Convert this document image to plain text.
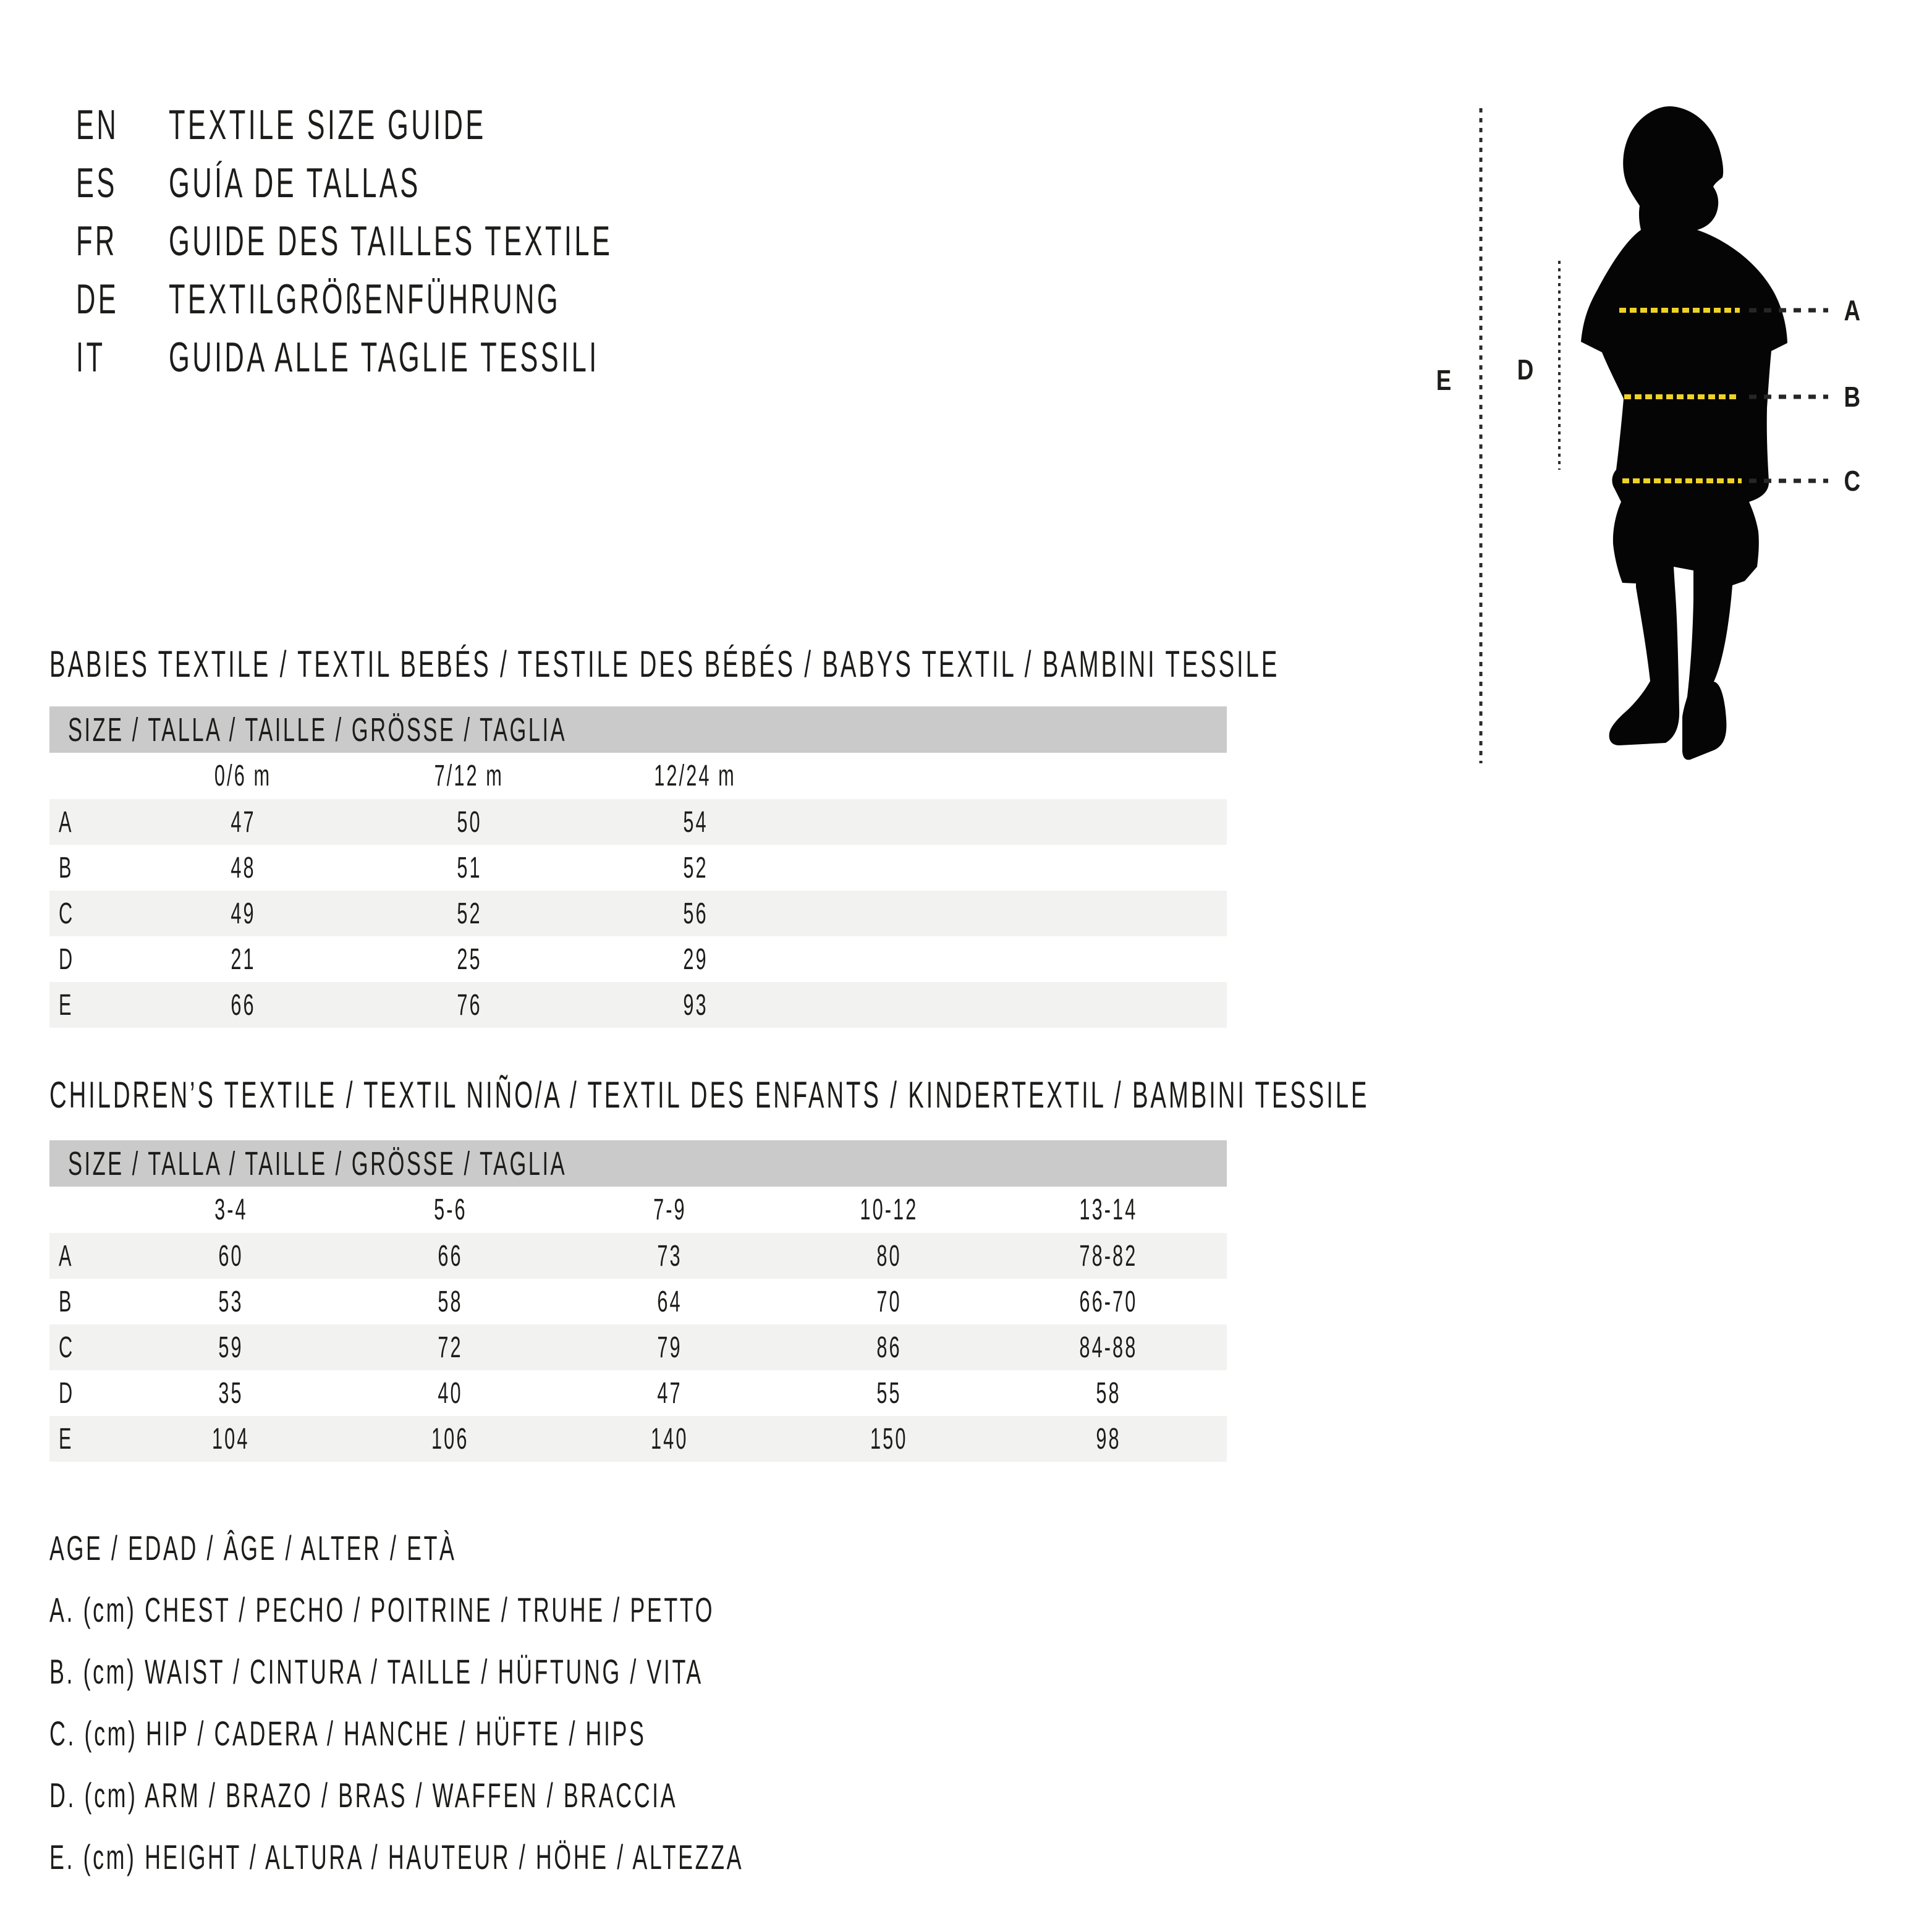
EN	TEXTILE SIZE GUIDE
ES	GUÍA DE TALLAS
FR	GUIDE DES TAILLES TEXTILE
DE	TEXTILGRÖßENFÜHRUNG
IT	GUIDA ALLE TAGLIE TESSILI
A
B
C
D
E
BABIES TEXTILE / TEXTIL BEBÉS / TESTILE DES BÉBÉS / BABYS TEXTIL / BAMBINI TESSILE
SIZE / TALLA / TAILLE / GRÖSSE / TAGLIA				
	0/6 m	7/12 m	12/24 m	
A	47	50	54	
B	48	51	52	
C	49	52	56	
D	21	25	29	
E	66	76	93	
CHILDREN’S TEXTILE / TEXTIL NIÑO/A / TEXTIL DES ENFANTS / KINDERTEXTIL / BAMBINI TESSILE
SIZE / TALLA / TAILLE / GRÖSSE / TAGLIA						
	3-4	5-6	7-9	10-12	13-14	
A	60	66	73	80	78-82	
B	53	58	64	70	66-70	
C	59	72	79	86	84-88	
D	35	40	47	55	58	
E	104	106	140	150	98	
AGE / EDAD / ÂGE / ALTER / ETÀ
A. (cm) CHEST / PECHO / POITRINE / TRUHE / PETTO
B. (cm) WAIST / CINTURA / TAILLE / HÜFTUNG / VITA
C. (cm) HIP / CADERA / HANCHE / HÜFTE / HIPS
D. (cm) ARM / BRAZO / BRAS / WAFFEN / BRACCIA
E. (cm) HEIGHT / ALTURA / HAUTEUR / HÖHE / ALTEZZA
